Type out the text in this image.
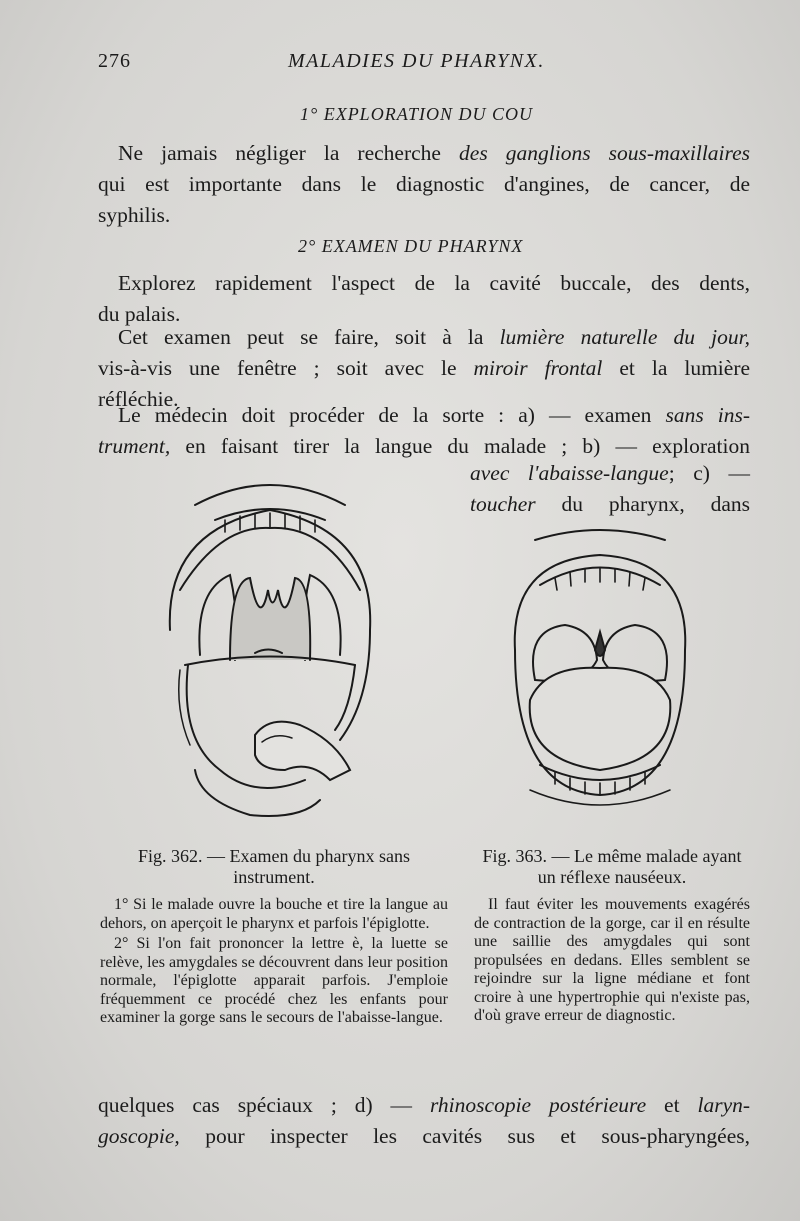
276	MALADIES DU PHARYNX.
1° EXPLORATION DU COU
Ne jamais négliger la recherche des ganglions sous-maxillaires
qui est importante dans le diagnostic d'angines, de cancer, de
syphilis.
2° EXAMEN DU PHARYNX
Explorez rapidement l'aspect de la cavité buccale, des dents,
du palais.
Cet examen peut se faire, soit à la lumière naturelle du jour,
vis-à-vis une fenêtre ; soit avec le miroir frontal et la lumière
réfléchie.
Le médecin doit procéder de la sorte : a) — examen sans ins-
trument, en faisant tirer la langue du malade ; b) — exploration
avec l'abaisse-langue; c) —
toucher du pharynx, dans
Fig. 362. — Examen du pharynx sans instrument.

1° Si le malade ouvre la bouche et tire la langue au dehors, on aperçoit le pharynx et parfois l'épiglotte.

2° Si l'on fait prononcer la lettre è, la luette se relève, les amygdales se découvrent dans leur position normale, l'épiglotte apparait parfois. J'emploie fréquemment ce procédé chez les enfants pour examiner la gorge sans le secours de l'abaisse-langue.

Fig. 363. — Le même malade ayant un réflexe nauséeux.

Il faut éviter les mouvements exagérés de contraction de la gorge, car il en résulte une saillie des amygdales qui sont propulsées en dedans. Elles semblent se rejoindre sur la ligne médiane et font croire à une hypertrophie qui n'existe pas, d'où grave erreur de diagnostic.

quelques cas spéciaux ; d) — rhinoscopie postérieure et laryn-
goscopie, pour inspecter les cavités sus et sous-pharyngées,
